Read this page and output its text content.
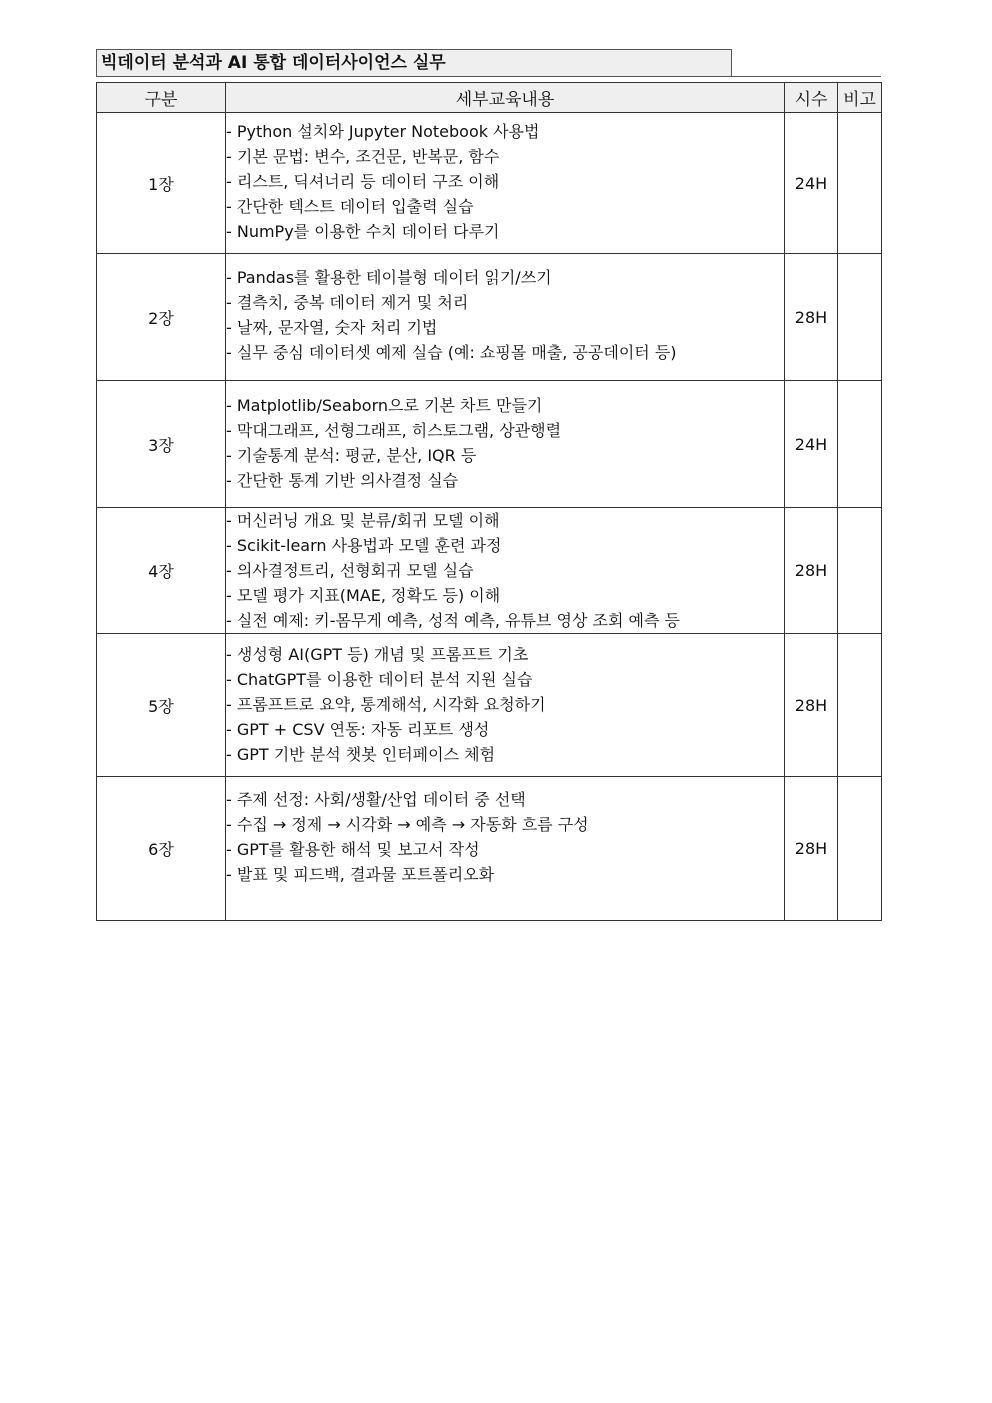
빅데이터 분석과 AI 통합 데이터사이언스 실무
구분	세부교육내용	시수	비고
1장	- Python 설치와 Jupyter Notebook 사용법
- 기본 문법: 변수, 조건문, 반복문, 함수
- 리스트, 딕셔너리 등 데이터 구조 이해
- 간단한 텍스트 데이터 입출력 실습
- NumPy를 이용한 수치 데이터 다루기	24H	
2장	- Pandas를 활용한 테이블형 데이터 읽기/쓰기
- 결측치, 중복 데이터 제거 및 처리
- 날짜, 문자열, 숫자 처리 기법
- 실무 중심 데이터셋 예제 실습 (예: 쇼핑몰 매출, 공공데이터 등)	28H	
3장	- Matplotlib/Seaborn으로 기본 차트 만들기
- 막대그래프, 선형그래프, 히스토그램, 상관행렬
- 기술통계 분석: 평균, 분산, IQR 등
- 간단한 통계 기반 의사결정 실습	24H	
4장	- 머신러닝 개요 및 분류/회귀 모델 이해
- Scikit-learn 사용법과 모델 훈련 과정
- 의사결정트리, 선형회귀 모델 실습
- 모델 평가 지표(MAE, 정확도 등) 이해
- 실전 예제: 키-몸무게 예측, 성적 예측, 유튜브 영상 조회 예측 등	28H	
5장	- 생성형 AI(GPT 등) 개념 및 프롬프트 기초
- ChatGPT를 이용한 데이터 분석 지원 실습
- 프롬프트로 요약, 통계해석, 시각화 요청하기
- GPT + CSV 연동: 자동 리포트 생성
- GPT 기반 분석 챗봇 인터페이스 체험	28H	
6장	- 주제 선정: 사회/생활/산업 데이터 중 선택
- 수집 → 정제 → 시각화 → 예측 → 자동화 흐름 구성
- GPT를 활용한 해석 및 보고서 작성
- 발표 및 피드백, 결과물 포트폴리오화	28H	
